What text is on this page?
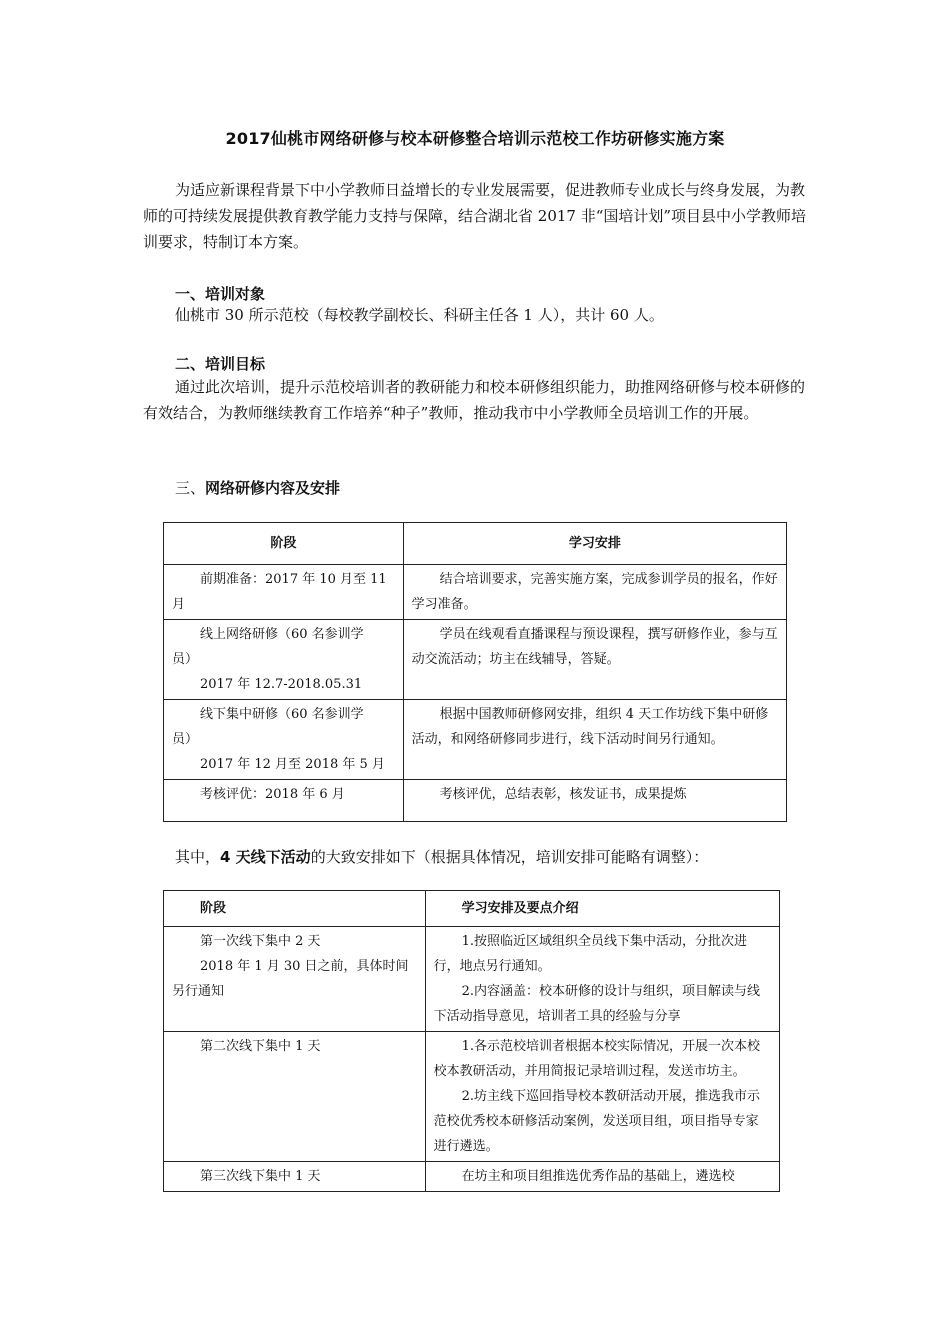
2017仙桃市网络研修与校本研修整合培训示范校工作坊研修实施方案
为适应新课程背景下中小学教师日益增长的专业发展需要，促进教师专业成长与终身发展，为教师的可持续发展提供教育教学能力支持与保障，结合湖北省 2017 非“国培计划”项目县中小学教师培训要求，特制订本方案。
一、培训对象
仙桃市 30 所示范校（每校教学副校长、科研主任各 1 人），共计 60 人。
二、培训目标
通过此次培训，提升示范校培训者的教研能力和校本研修组织能力，助推网络研修与校本研修的有效结合，为教师继续教育工作培养“种子”教师，推动我市中小学教师全员培训工作的开展。
三、网络研修内容及安排
阶段	学习安排

前期准备：2017 年 10 月至 11
月	结合培训要求，完善实施方案，完成参训学员的报名，作好学习准备。

线上网络研修（60 名参训学
员）
2017 年 12.7-2018.05.31	学员在线观看直播课程与预设课程，撰写研修作业，参与互动交流活动；坊主在线辅导，答疑。

线下集中研修（60 名参训学
员）
2017 年 12 月至 2018 年 5 月	根据中国教师研修网安排，组织 4 天工作坊线下集中研修活动，和网络研修同步进行，线下活动时间另行通知。

考核评优：2018 年 6 月	考核评优，总结表彰，核发证书，成果提炼
其中，4 天线下活动的大致安排如下（根据具体情况，培训安排可能略有调整）：
阶段	学习安排及要点介绍

第一次线下集中 2 天
2018 年 1 月 30 日之前，具体时间另行通知	1.按照临近区域组织全员线下集中活动，分批次进行，地点另行通知。
2.内容涵盖：校本研修的设计与组织，项目解读与线下活动指导意见，培训者工具的经验与分享

第二次线下集中 1 天	1.各示范校培训者根据本校实际情况，开展一次本校校本教研活动，并用简报记录培训过程，发送市坊主。
2.坊主线下巡回指导校本教研活动开展，推选我市示范校优秀校本研修活动案例，发送项目组，项目指导专家进行遴选。

第三次线下集中 1 天	在坊主和项目组推选优秀作品的基础上，遴选校
